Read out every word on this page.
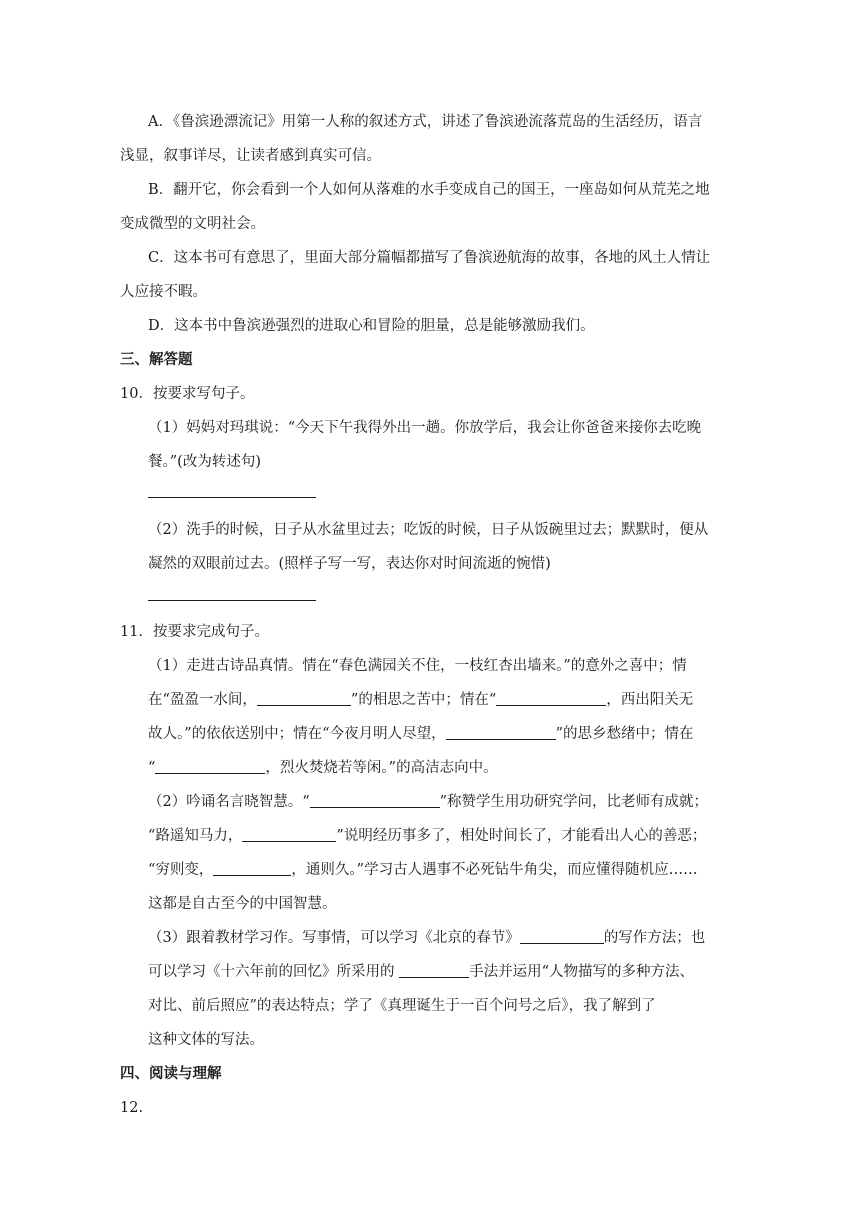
A．《鲁滨逊漂流记》用第一人称的叙述方式，讲述了鲁滨逊流落荒岛的生活经历，语言

浅显，叙事详尽，让读者感到真实可信。

B．翻开它，你会看到一个人如何从落难的水手变成自己的国王，一座岛如何从荒芜之地

变成微型的文明社会。

C．这本书可有意思了，里面大部分篇幅都描写了鲁滨逊航海的故事，各地的风土人情让

人应接不暇。

D．这本书中鲁滨逊强烈的进取心和冒险的胆量，总是能够激励我们。

三、解答题

10．按要求写句子。

（1）妈妈对玛琪说：“今天下午我得外出一趟。你放学后，我会让你爸爸来接你去吃晚

餐。”(改为转述句)

（2）洗手的时候，日子从水盆里过去；吃饭的时候，日子从饭碗里过去；默默时，便从

凝然的双眼前过去。(照样子写一写，表达你对时间流逝的惋惜)

11．按要求完成句子。

（1）走进古诗品真情。情在“春色满园关不住，一枝红杏出墙来。”的意外之喜中；情

在“盈盈一水间，	”的相思之苦中；情在“	，西出阳关无

故人。”的依依送别中；情在“今夜月明人尽望，	”的思乡愁绪中；情在

“	，烈火焚烧若等闲。”的高洁志向中。

（2）吟诵名言晓智慧。“	”称赞学生用功研究学问，比老师有成就；

“路遥知马力，	”说明经历事多了，相处时间长了，才能看出人心的善恶；

“穷则变，	，通则久。”学习古人遇事不必死钻牛角尖，而应懂得随机应……

这都是自古至今的中国智慧。

（3）跟着教材学习作。写事情，可以学习《北京的春节》	的写作方法；也

可以学习《十六年前的回忆》所采用的	手法并运用“人物描写的多种方法、

对比、前后照应”的表达特点；学了《真理诞生于一百个问号之后》，我了解到了

这种文体的写法。

四、阅读与理解

12.
